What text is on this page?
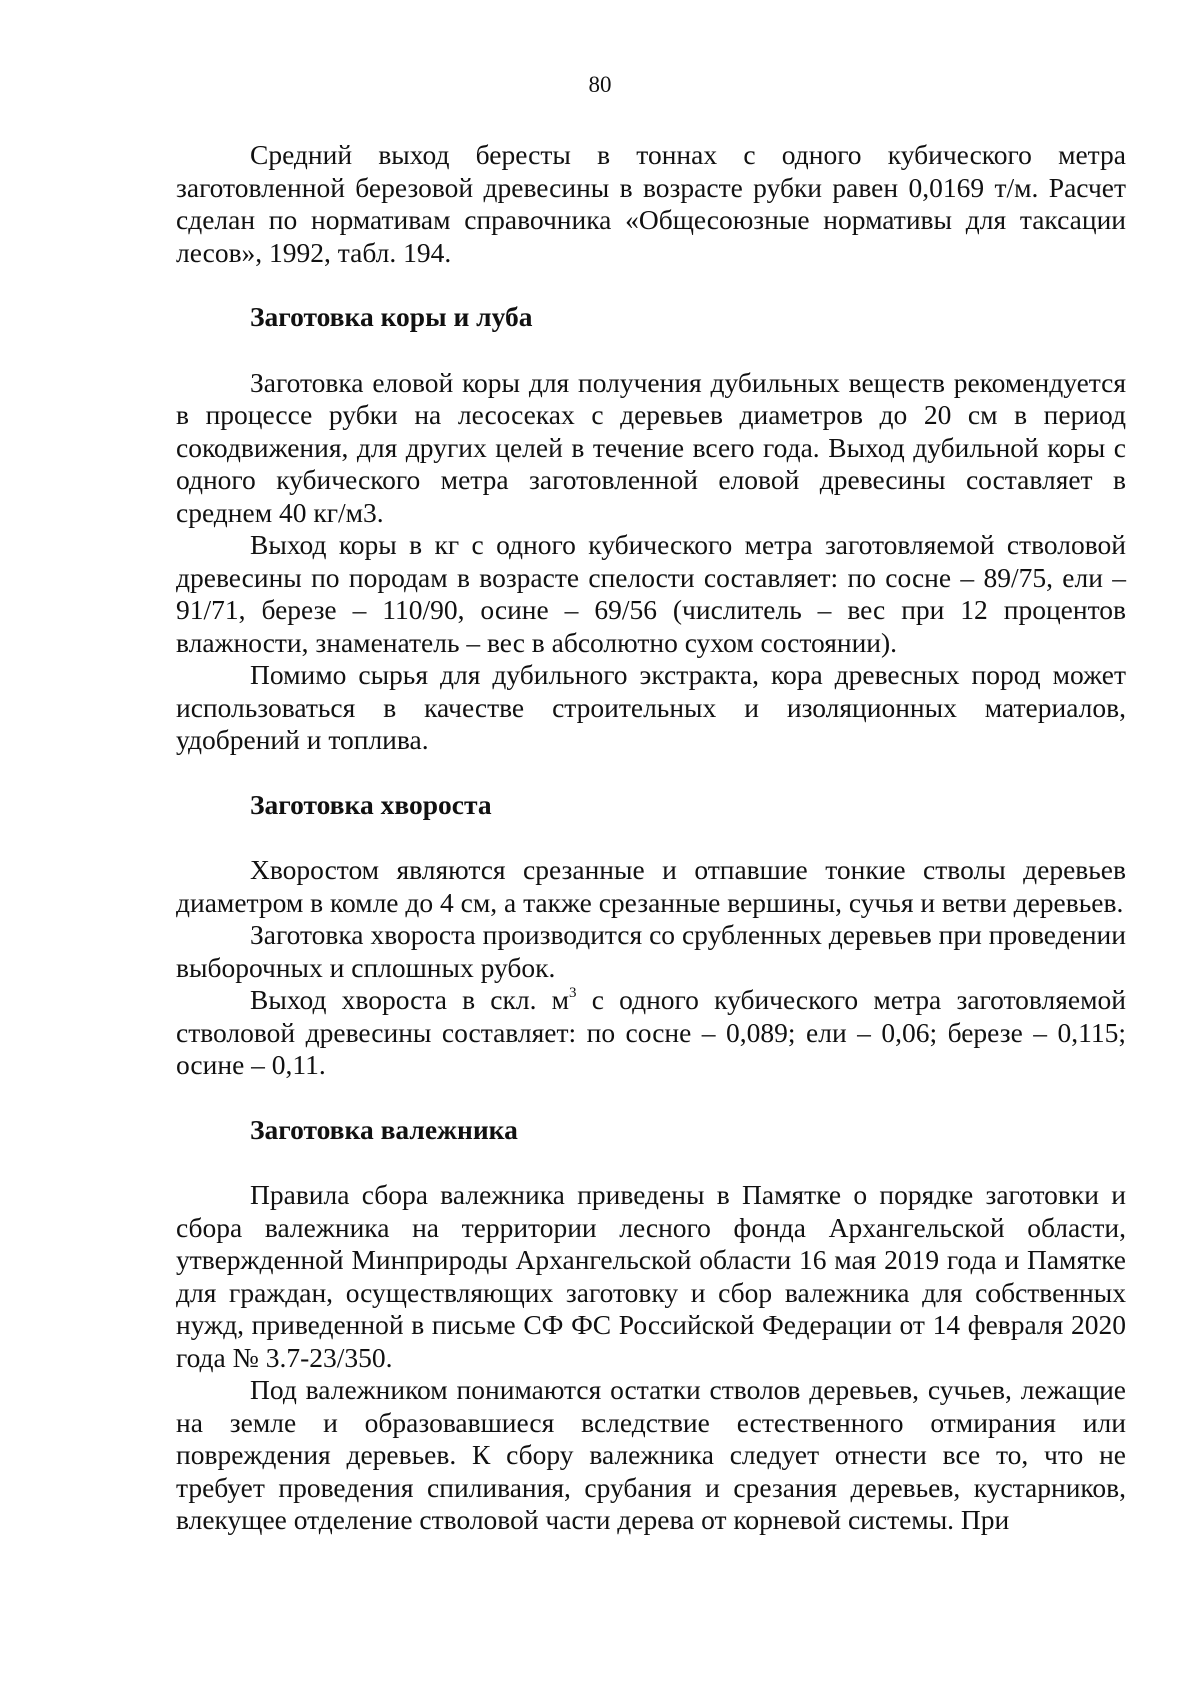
80

Средний выход бересты в тоннах с одного кубического метра заготовленной березовой древесины в возрасте рубки равен 0,0169 т/м. Расчет сделан по нормативам справочника «Общесоюзные нормативы для таксации лесов», 1992, табл. 194.

Заготовка коры и луба

Заготовка еловой коры для получения дубильных веществ рекомендуется в процессе рубки на лесосеках с деревьев диаметров до 20 см в период сокодвижения, для других целей в течение всего года. Выход дубильной коры с одного кубического метра заготовленной еловой древесины составляет в среднем 40 кг/м3.

Выход коры в кг с одного кубического метра заготовляемой стволовой древесины по породам в возрасте спелости составляет: по сосне – 89/75, ели – 91/71, березе – 110/90, осине – 69/56 (числитель – вес при 12 процентов влажности, знаменатель – вес в абсолютно сухом состоянии).

Помимо сырья для дубильного экстракта, кора древесных пород может использоваться в качестве строительных и изоляционных материалов, удобрений и топлива.

Заготовка хвороста

Хворостом являются срезанные и отпавшие тонкие стволы деревьев диаметром в комле до 4 см, а также срезанные вершины, сучья и ветви деревьев.

Заготовка хвороста производится со срубленных деревьев при проведении выборочных и сплошных рубок.

Выход хвороста в скл. $м^3$ с одного кубического метра заготовляемой стволовой древесины составляет: по сосне – 0,089; ели – 0,06; березе – 0,115; осине – 0,11.

Заготовка валежника

Правила сбора валежника приведены в Памятке о порядке заготовки и сбора валежника на территории лесного фонда Архангельской области, утвержденной Минприроды Архангельской области 16 мая 2019 года и Памятке для граждан, осуществляющих заготовку и сбор валежника для собственных нужд, приведенной в письме СФ ФС Российской Федерации от 14 февраля 2020 года № 3.7-23/350.

Под валежником понимаются остатки стволов деревьев, сучьев, лежащие на земле и образовавшиеся вследствие естественного отмирания или повреждения деревьев. К сбору валежника следует отнести все то, что не требует проведения спиливания, срубания и срезания деревьев, кустарников, влекущее отделение стволовой части дерева от корневой системы. При
